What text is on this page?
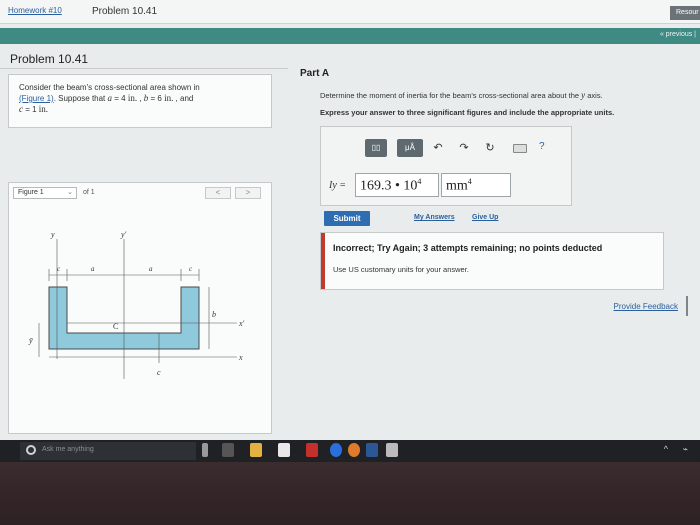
Homework #10	Problem 10.41	Resour
« previous |
Problem 10.41
Consider the beam's cross-sectional area shown in
(Figure 1). Suppose that a = 4 in. , b = 6 in. , and
c = 1 in.
Figure 1	⌄ of 1	<	>
y	y'
c	c
a	a
C
b
x'
ȳ
x
c
Part A
Determine the moment of inertia for the beam's cross-sectional area about the y axis.
Express your answer to three significant figures and include the appropriate units.
▯▯	μÅ	↶ ↷ ↻	?
Iy = 169.3 • $10^4$	$mm^4$
Submit	My Answers Give Up
Incorrect; Try Again; 3 attempts remaining; no points deducted
Use US customary units for your answer.
Provide Feedback
Ask me anything	^ ⌁
